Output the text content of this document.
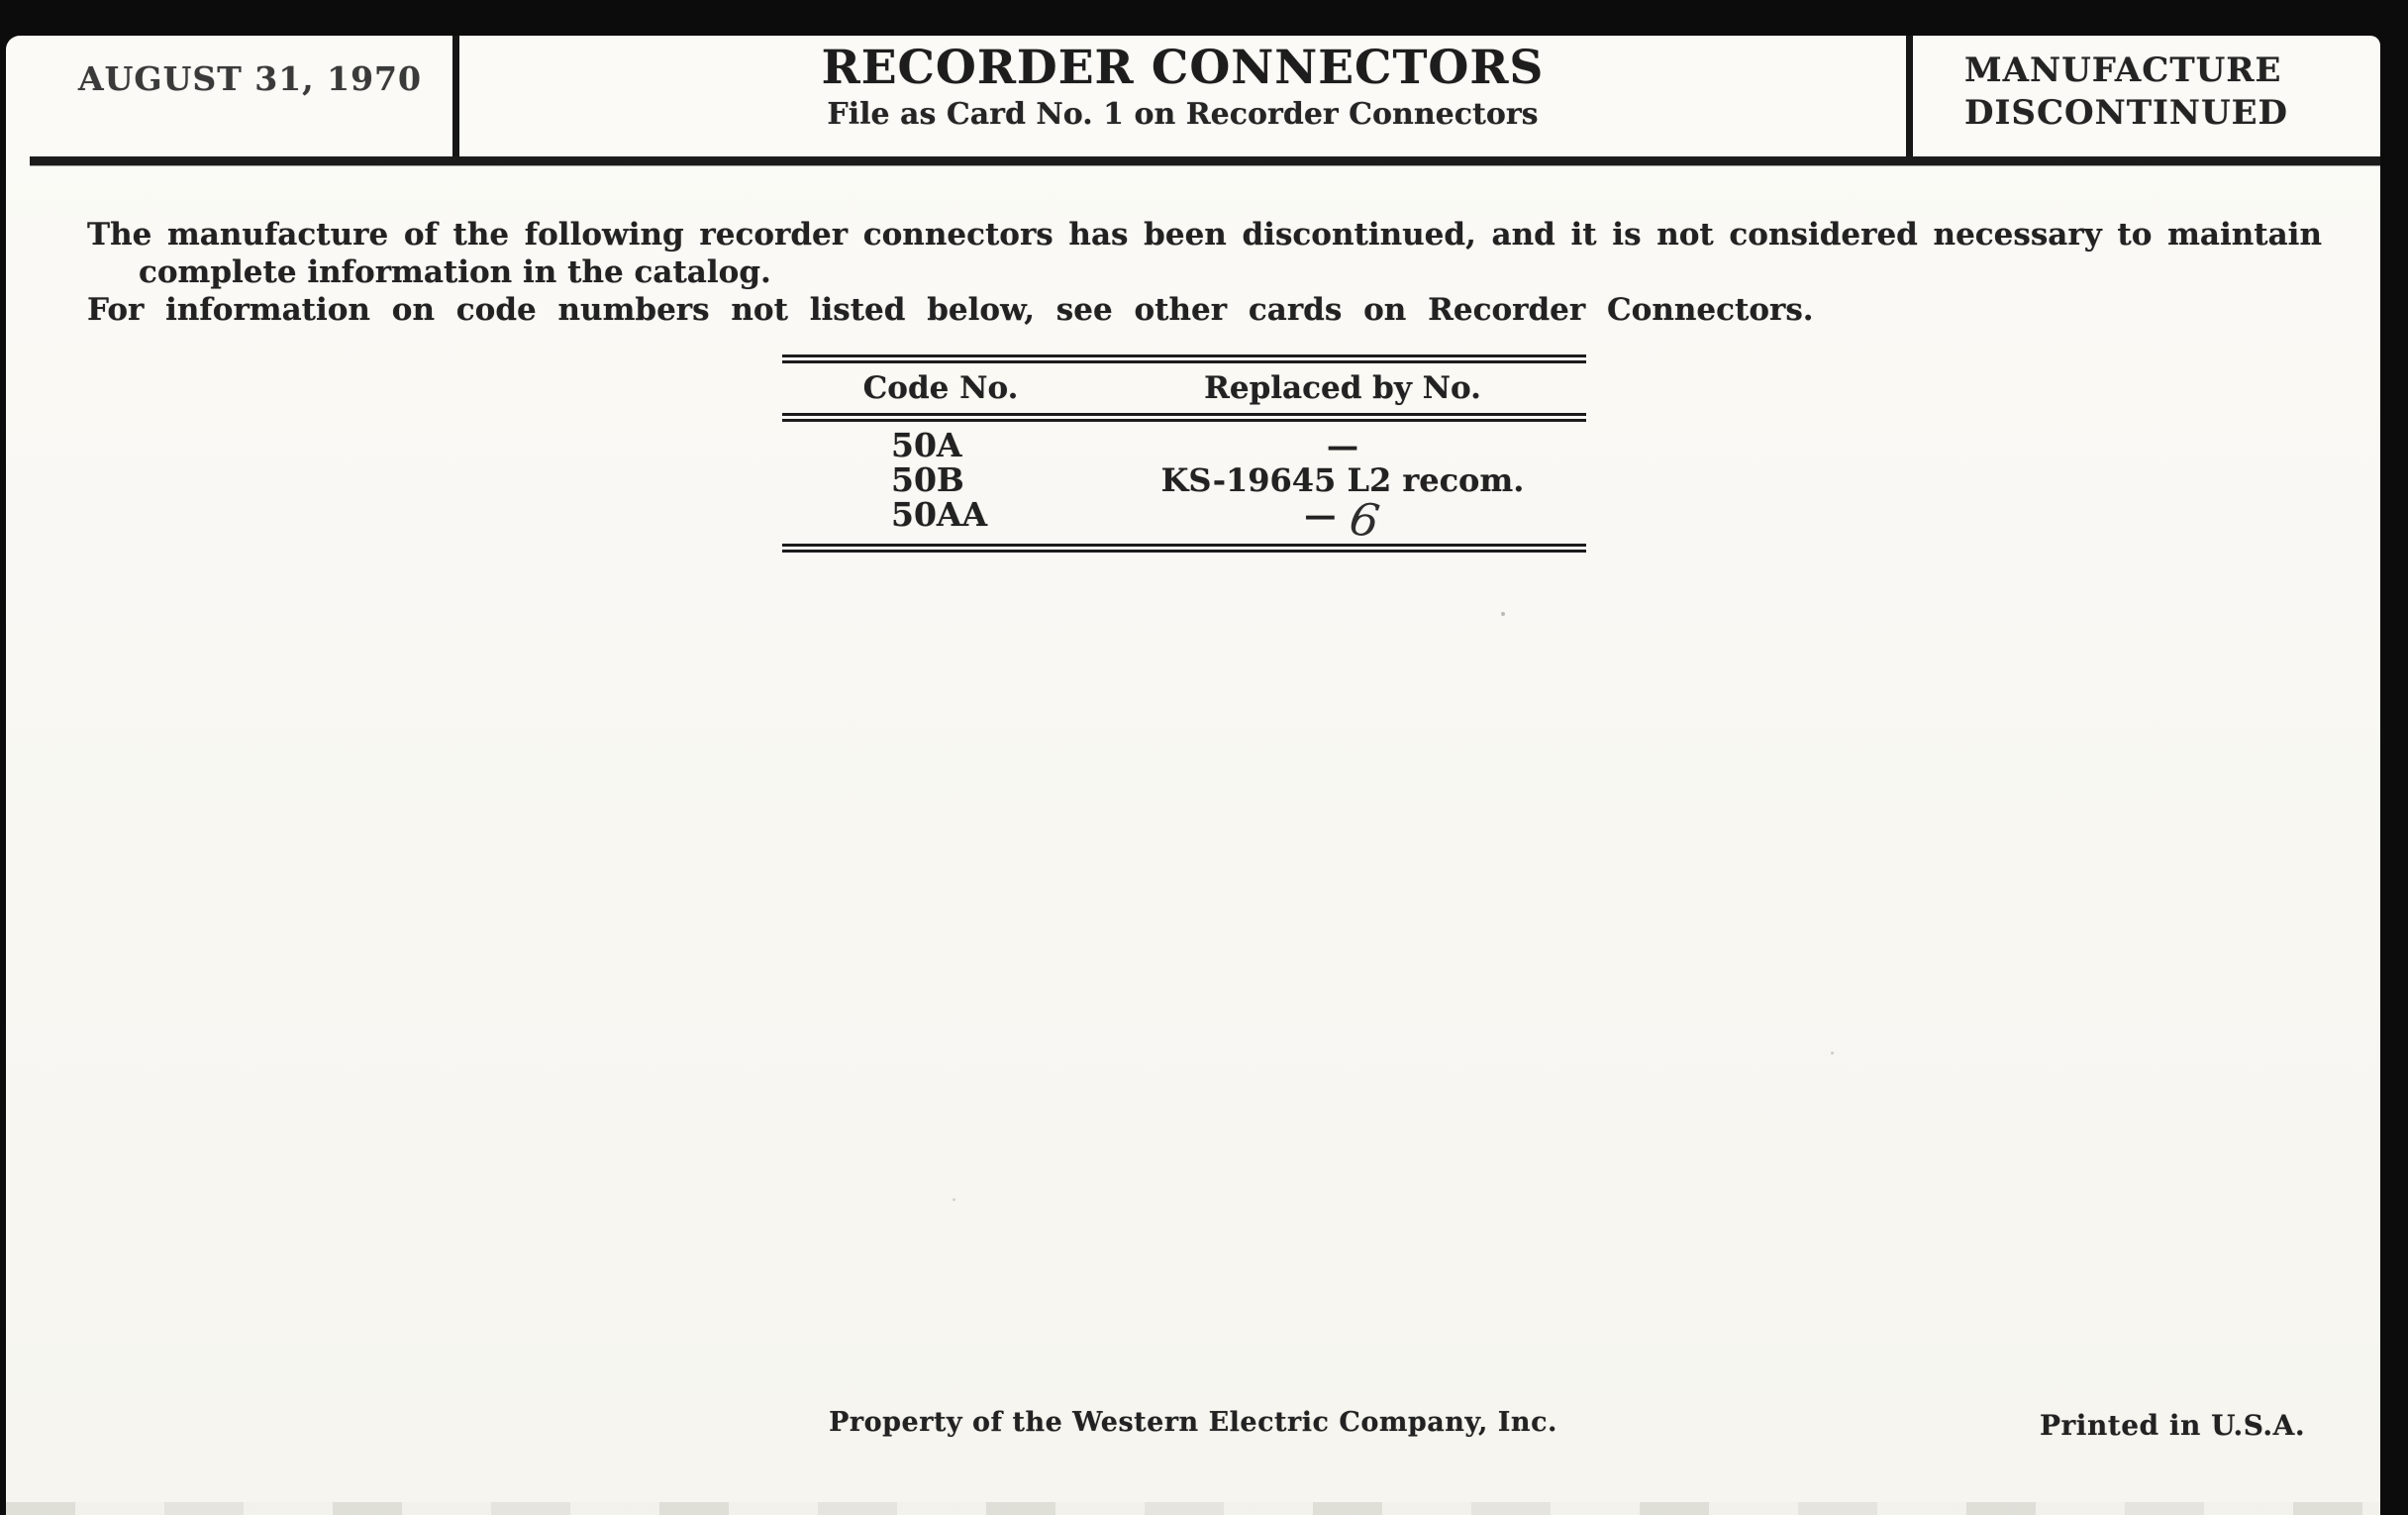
AUGUST 31, 1970	RECORDER CONNECTORS
File as Card No. 1 on Recorder Connectors
MANUFACTURE
DISCONTINUED
The manufacture of the following recorder connectors has been discontinued, and it is not considered necessary to maintain
complete information in the catalog.
For information on code numbers not listed below, see other cards on Recorder Connectors.
Code No.	Replaced by No.
50A	—
50B	KS-19645 L2 recom.
50AA	— 6
Property of the Western Electric Company, Inc.	Printed in U.S.A.
